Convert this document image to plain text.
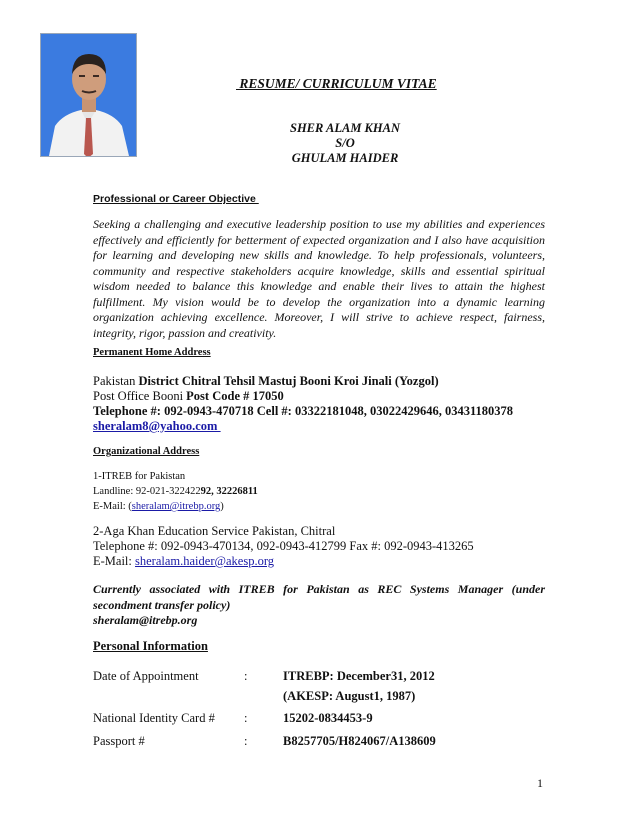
RESUME/ CURRICULUM VITAE
SHER ALAM KHAN
S/O
GHULAM HAIDER
Professional or Career Objective
Seeking a challenging and executive leadership position to use my abilities and experiences effectively and efficiently for betterment of expected organization and I also have acquisition for learning and developing new skills and knowledge. To help professionals, volunteers, community and respective stakeholders acquire knowledge, skills and essential spiritual wisdom needed to balance this knowledge and enable their lives to attain the highest fulfillment. My vision would be to develop the organization into a dynamic learning organization achieving excellence. Moreover, I will strive to achieve respect, fairness, integrity, rigor, passion and creativity.
Permanent Home Address
Pakistan District Chitral Tehsil Mastuj Booni Kroi Jinali (Yozgol)
Post Office Booni Post Code # 17050
Telephone #: 092-0943-470718 Cell #: 03322181048, 03022429646, 03431180378
sheralam8@yahoo.com
Organizational Address
1-ITREB for Pakistan
Landline: 92-021-32242292, 32226811
E-Mail: (sheralam@itrebp.org)
2-Aga Khan Education Service Pakistan, Chitral
Telephone #: 092-0943-470134, 092-0943-412799 Fax #: 092-0943-413265
E-Mail: sheralam.haider@akesp.org
Currently associated with ITREB for Pakistan as REC Systems Manager (under secondment transfer policy)
sheralam@itrebp.org
Personal Information
Date of Appointment	:	ITREBP: December31, 2012
(AKESP: August1, 1987)
National Identity Card # :	15202-0834453-9
Passport #	:	B8257705/H824067/A138609
1
